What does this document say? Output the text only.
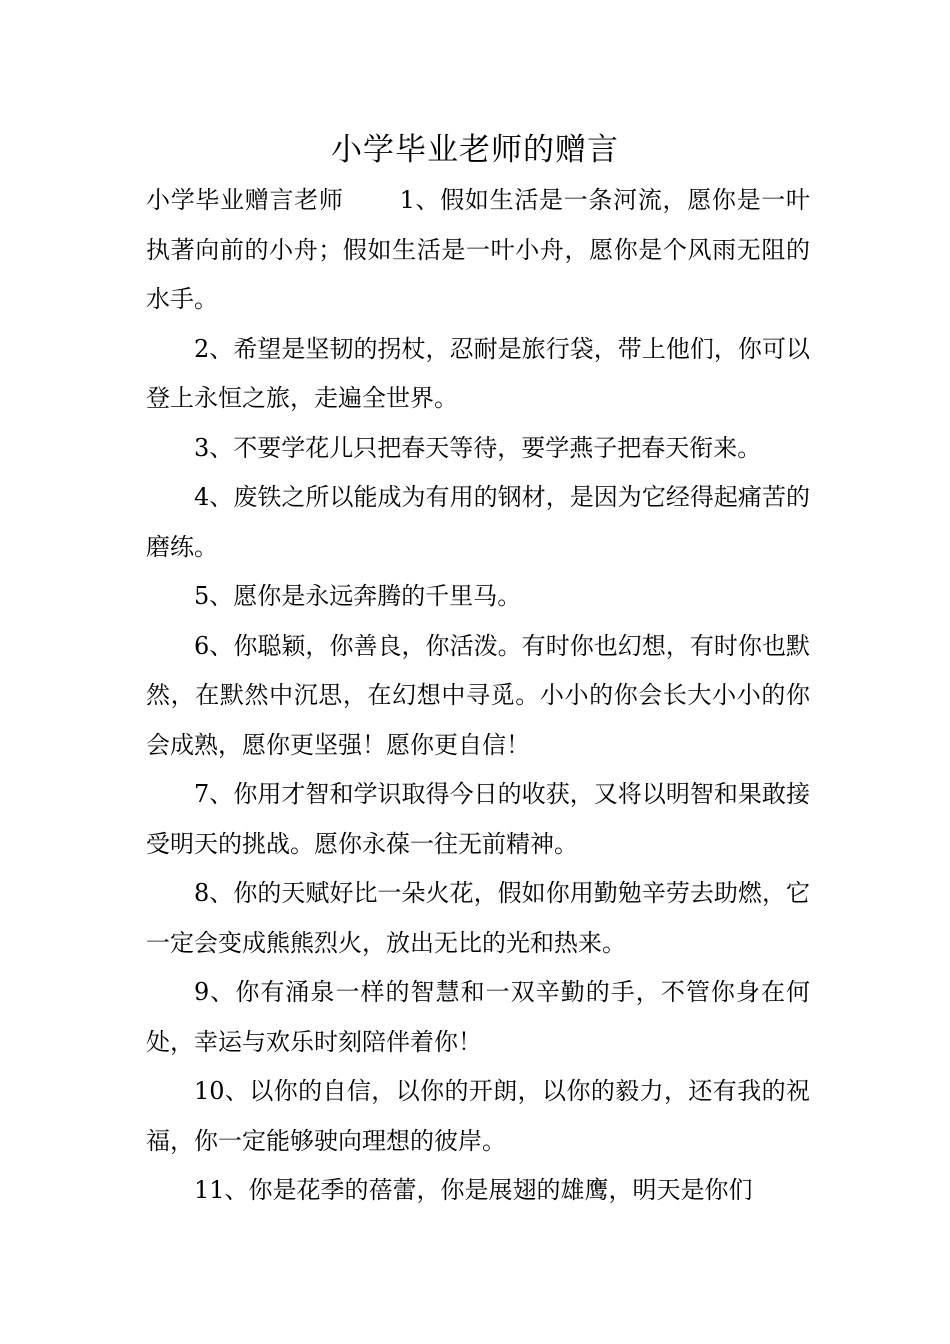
小学毕业老师的赠言

小学毕业赠言老师 1、假如生活是一条河流，愿你是一叶执著向前的小舟；假如生活是一叶小舟，愿你是个风雨无阻的水手。

2、希望是坚韧的拐杖，忍耐是旅行袋，带上他们，你可以登上永恒之旅，走遍全世界。

3、不要学花儿只把春天等待，要学燕子把春天衔来。

4、废铁之所以能成为有用的钢材，是因为它经得起痛苦的磨练。

5、愿你是永远奔腾的千里马。

6、你聪颖，你善良，你活泼。有时你也幻想，有时你也默然，在默然中沉思，在幻想中寻觅。小小的你会长大小小的你会成熟，愿你更坚强！愿你更自信！

7、你用才智和学识取得今日的收获，又将以明智和果敢接受明天的挑战。愿你永葆一往无前精神。

8、你的天赋好比一朵火花，假如你用勤勉辛劳去助燃，它一定会变成熊熊烈火，放出无比的光和热来。

9、你有涌泉一样的智慧和一双辛勤的手，不管你身在何处，幸运与欢乐时刻陪伴着你！

10、以你的自信，以你的开朗，以你的毅力，还有我的祝福，你一定能够驶向理想的彼岸。

11、你是花季的蓓蕾，你是展翅的雄鹰，明天是你们
